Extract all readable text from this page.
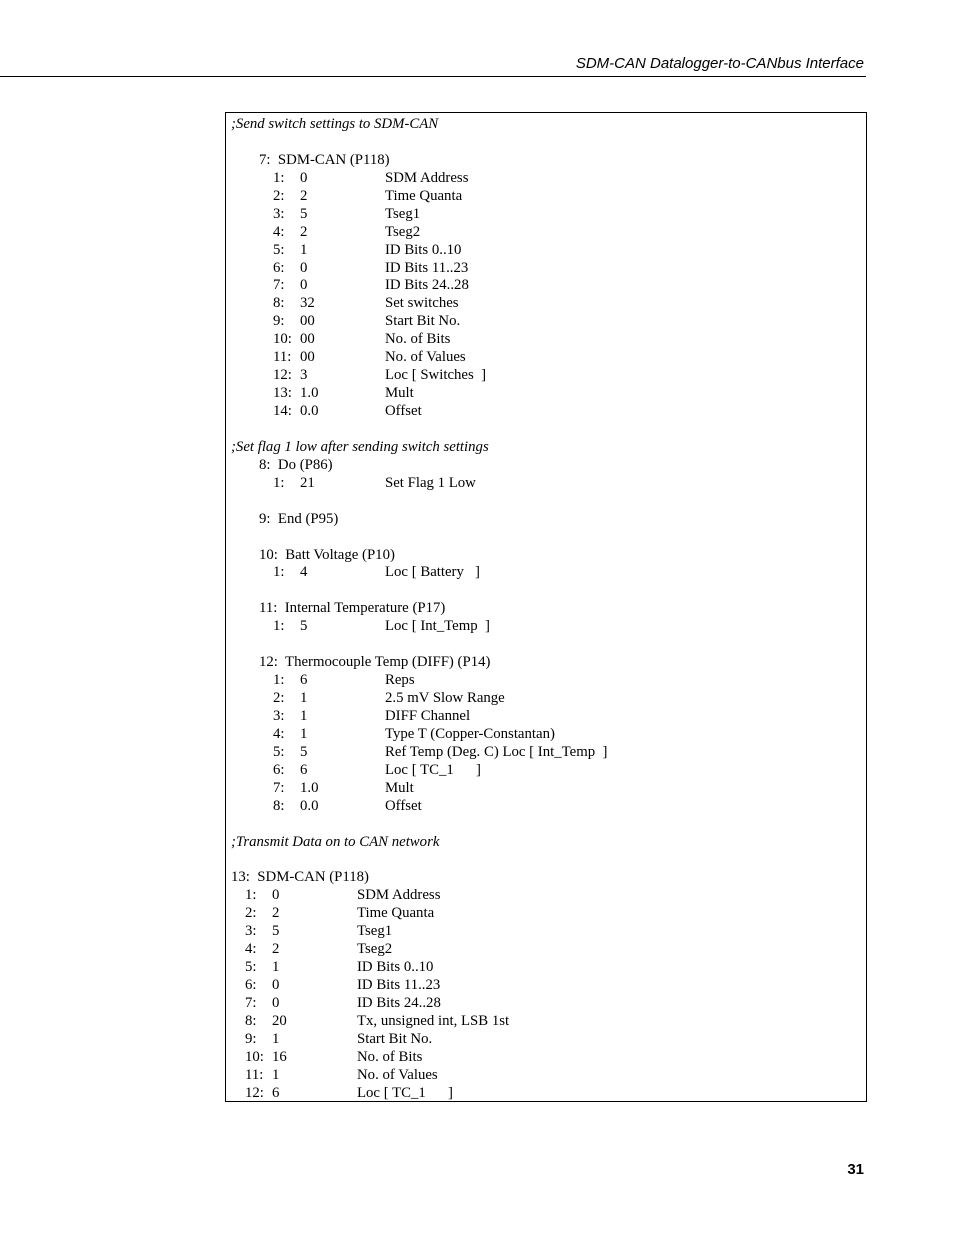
SDM-CAN Datalogger-to-CANbus Interface
;Send switch settings to SDM-CAN
7:  SDM-CAN (P118)
1: 0	SDM Address
2: 2	Time Quanta
3: 5	Tseg1
4: 2	Tseg2
5: 1	ID Bits 0..10
6: 0	ID Bits 11..23
7: 0	ID Bits 24..28
8: 32	Set switches
9: 00	Start Bit No.
10: 00	No. of Bits
11: 00	No. of Values
12: 3	Loc [ Switches  ]
13: 1.0	Mult
14: 0.0	Offset
;Set flag 1 low after sending switch settings
8:  Do (P86)
1: 21	Set Flag 1 Low
9:  End (P95)
10:  Batt Voltage (P10)
1: 4	Loc [ Battery   ]
11:  Internal Temperature (P17)
1: 5	Loc [ Int_Temp  ]
12:  Thermocouple Temp (DIFF) (P14)
1: 6	Reps
2: 1	2.5 mV Slow Range
3: 1	DIFF Channel
4: 1	Type T (Copper-Constantan)
5: 5	Ref Temp (Deg. C) Loc [ Int_Temp  ]
6: 6	Loc [ TC_1      ]
7: 1.0	Mult
8: 0.0	Offset
;Transmit Data on to CAN network
13:  SDM-CAN (P118)
1: 0	SDM Address
2: 2	Time Quanta
3: 5	Tseg1
4: 2	Tseg2
5: 1	ID Bits 0..10
6: 0	ID Bits 11..23
7: 0	ID Bits 24..28
8: 20	Tx, unsigned int, LSB 1st
9: 1	Start Bit No.
10: 16	No. of Bits
11: 1	No. of Values
12: 6	Loc [ TC_1      ]
31
